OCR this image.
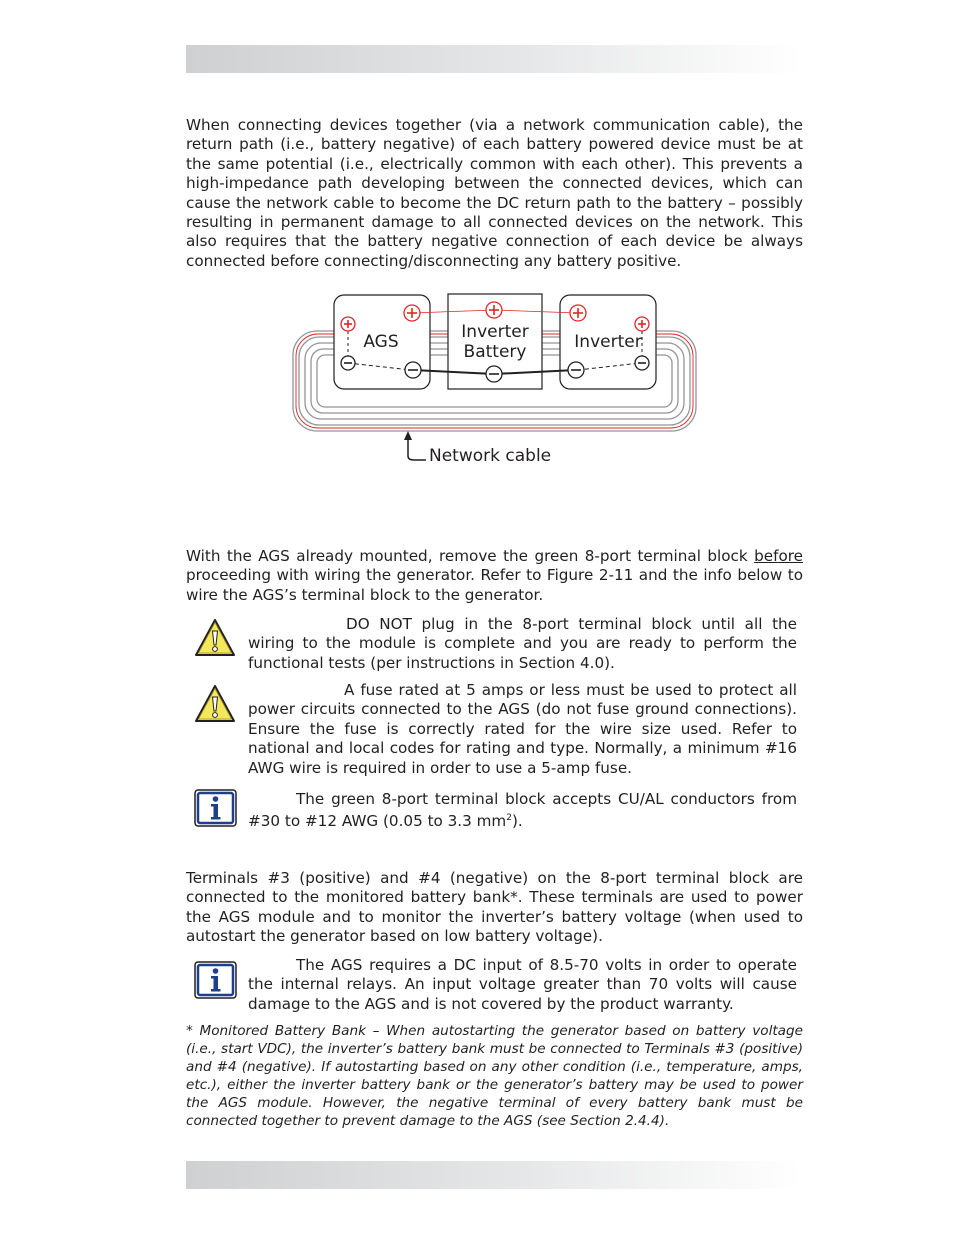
When connecting devices together (via a network communication cable), the return path (i.e., battery negative) of each battery powered device must be at the same potential (i.e., electrically common with each other). This prevents a high-impedance path developing between the connected devices, which can cause the network cable to become the DC return path to the battery – possibly resulting in permanent damage to all connected devices on the network. This also requires that the battery negative connection of each device be always connected before connecting/disconnecting any battery positive.

AGS	Inverter
Battery	Inverter
Network cable

With the AGS already mounted, remove the green 8-port terminal block before proceeding with wiring the generator. Refer to Figure 2-11 and the info below to wire the AGS’s terminal block to the generator.

DO NOT plug in the 8-port terminal block until all the wiring to the module is complete and you are ready to perform the functional tests (per instructions in Section 4.0).

A fuse rated at 5 amps or less must be used to protect all power circuits connected to the AGS (do not fuse ground connections). Ensure the fuse is correctly rated for the wire size used. Refer to national and local codes for rating and type. Normally, a minimum #16 AWG wire is required in order to use a 5-amp fuse.

The green 8-port terminal block accepts CU/AL conductors from #30 to #12 AWG (0.05 to 3.3 $mm^2$).

Terminals #3 (positive) and #4 (negative) on the 8-port terminal block are connected to the monitored battery bank*. These terminals are used to power the AGS module and to monitor the inverter’s battery voltage (when used to autostart the generator based on low battery voltage).

The AGS requires a DC input of 8.5-70 volts in order to operate the internal relays. An input voltage greater than 70 volts will cause damage to the AGS and is not covered by the product warranty.

* Monitored Battery Bank – When autostarting the generator based on battery voltage (i.e., start VDC), the inverter’s battery bank must be connected to Terminals #3 (positive) and #4 (negative). If autostarting based on any other condition (i.e., temperature, amps, etc.), either the inverter battery bank or the generator’s battery may be used to power the AGS module. However, the negative terminal of every battery bank must be connected together to prevent damage to the AGS (see Section 2.4.4).
